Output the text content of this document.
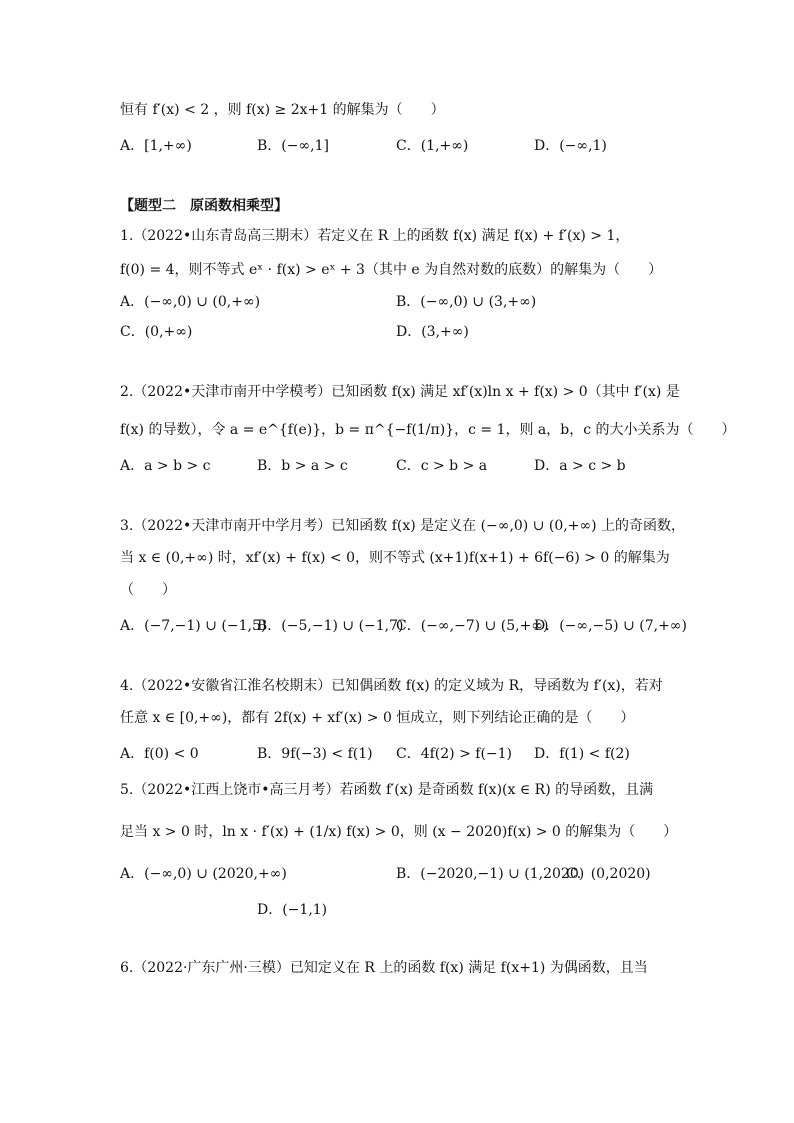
恒有 f′(x) < 2 ，则 f(x) ≥ 2x+1 的解集为（　　）
A．[1,+∞)	B．(−∞,1]	C．(1,+∞)	D．(−∞,1)
【题型二　原函数相乘型】
1.（2022•山东青岛高三期末）若定义在 R 上的函数 f(x) 满足 f(x) + f′(x) > 1，
f(0) = 4，则不等式 eˣ · f(x) > eˣ + 3（其中 e 为自然对数的底数）的解集为（　　）
A．(−∞,0) ∪ (0,+∞)	B．(−∞,0) ∪ (3,+∞)
C．(0,+∞)	D．(3,+∞)
2.（2022•天津市南开中学模考）已知函数 f(x) 满足 xf′(x)ln x + f(x) > 0（其中 f′(x) 是
f(x) 的导数），令 a = e^{f(e)}，b = π^{−f(1/π)}，c = 1，则 a，b，c 的大小关系为（　　）
A．a > b > c	B．b > a > c	C．c > b > a	D．a > c > b
3.（2022•天津市南开中学月考）已知函数 f(x) 是定义在 (−∞,0) ∪ (0,+∞) 上的奇函数，
当 x ∈ (0,+∞) 时，xf′(x) + f(x) < 0，则不等式 (x+1)f(x+1) + 6f(−6) > 0 的解集为
（　　）
A．(−7,−1) ∪ (−1,5)
B．(−5,−1) ∪ (−1,7)
C．(−∞,−7) ∪ (5,+∞)
D．(−∞,−5) ∪ (7,+∞)
4.（2022•安徽省江淮名校期末）已知偶函数 f(x) 的定义域为 R，导函数为 f′(x)，若对
任意 x ∈ [0,+∞)，都有 2f(x) + xf′(x) > 0 恒成立，则下列结论正确的是（　　）
A．f(0) < 0	B．9f(−3) < f(1) C．4f(2) > f(−1) D．f(1) < f(2)
5.（2022•江西上饶市•高三月考）若函数 f′(x) 是奇函数 f(x)(x ∈ R) 的导函数，且满
足当 x > 0 时，ln x · f′(x) + (1/x) f(x) > 0，则 (x − 2020)f(x) > 0 的解集为（　　）
A．(−∞,0) ∪ (2020,+∞)	B．(−2020,−1) ∪ (1,2020)
C．(0,2020)
D．(−1,1)
6.（2022·广东广州·三模）已知定义在 R 上的函数 f(x) 满足 f(x+1) 为偶函数，且当
